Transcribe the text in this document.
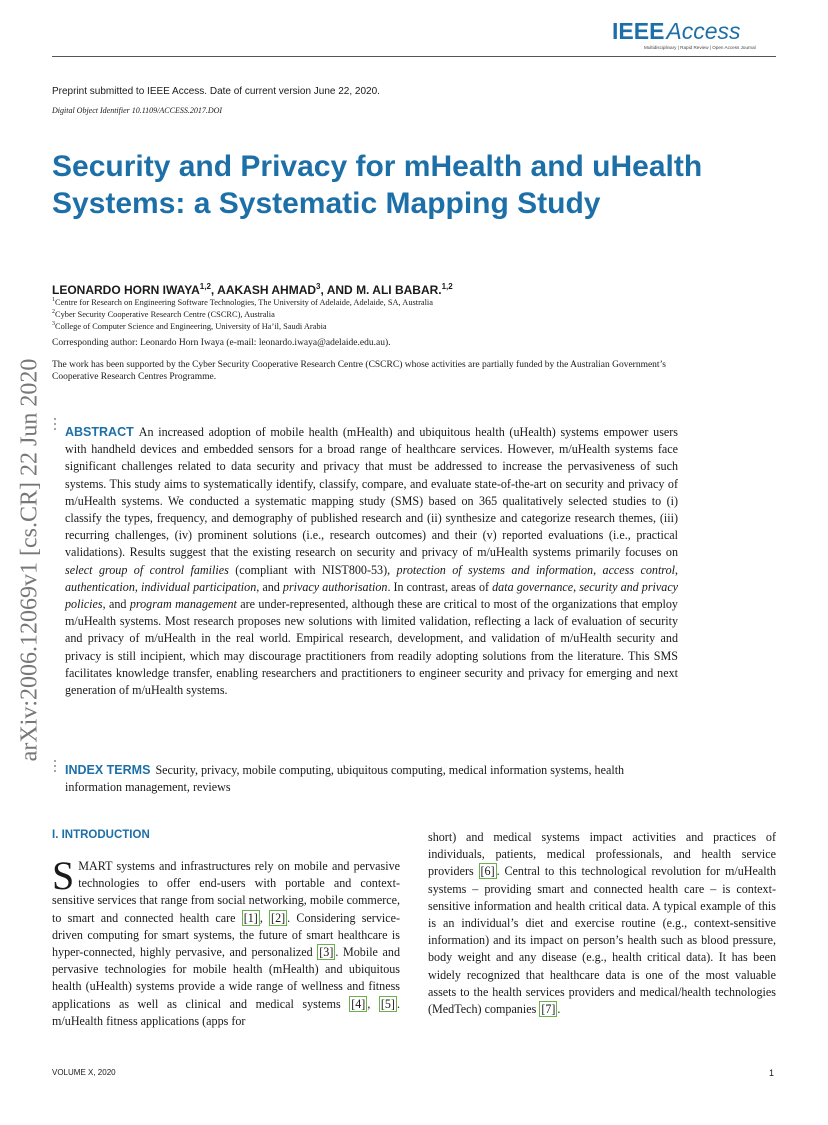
IEEEAccess
Multidisciplinary | Rapid Review | Open Access Journal
Preprint submitted to IEEE Access. Date of current version June 22, 2020.
Digital Object Identifier 10.1109/ACCESS.2017.DOI
arXiv:2006.12069v1 [cs.CR] 22 Jun 2020
Security and Privacy for mHealth and uHealth Systems: a Systematic Mapping Study
LEONARDO HORN IWAYA$^{1,2}$, AAKASH AHMAD$^3$, AND M. ALI BABAR.$^{1,2}$
$^1$Centre for Research on Engineering Software Technologies, The University of Adelaide, Adelaide, SA, Australia
$^2$Cyber Security Cooperative Research Centre (CSCRC), Australia
$^3$College of Computer Science and Engineering, University of Ha’il, Saudi Arabia
Corresponding author: Leonardo Horn Iwaya (e-mail: leonardo.iwaya@adelaide.edu.au).
The work has been supported by the Cyber Security Cooperative Research Centre (CSCRC) whose activities are partially funded by the Australian Government’s Cooperative Research Centres Programme.
ABSTRACT An increased adoption of mobile health (mHealth) and ubiquitous health (uHealth) systems empower users with handheld devices and embedded sensors for a broad range of healthcare services. However, m/uHealth systems face significant challenges related to data security and privacy that must be addressed to increase the pervasiveness of such systems. This study aims to systematically identify, classify, compare, and evaluate state-of-the-art on security and privacy of m/uHealth systems. We conducted a systematic mapping study (SMS) based on 365 qualitatively selected studies to (i) classify the types, frequency, and demography of published research and (ii) synthesize and categorize research themes, (iii) recurring challenges, (iv) prominent solutions (i.e., research outcomes) and their (v) reported evaluations (i.e., practical validations). Results suggest that the existing research on security and privacy of m/uHealth systems primarily focuses on select group of control families (compliant with NIST800-53), protection of systems and information, access control, authentication, individual participation, and privacy authorisation. In contrast, areas of data governance, security and privacy policies, and program management are under-represented, although these are critical to most of the organizations that employ m/uHealth systems. Most research proposes new solutions with limited validation, reflecting a lack of evaluation of security and privacy of m/uHealth in the real world. Empirical research, development, and validation of m/uHealth security and privacy is still incipient, which may discourage practitioners from readily adopting solutions from the literature. This SMS facilitates knowledge transfer, enabling researchers and practitioners to engineer security and privacy for emerging and next generation of m/uHealth systems.
INDEX TERMS Security, privacy, mobile computing, ubiquitous computing, medical information systems, health information management, reviews
I. INTRODUCTION
SMART systems and infrastructures rely on mobile and pervasive technologies to offer end-users with portable and context-sensitive services that range from social networking, mobile commerce, to smart and connected health care [1] , [2] . Considering service-driven computing for smart systems, the future of smart healthcare is hyper-connected, highly pervasive, and personalized [3] . Mobile and pervasive technologies for mobile health (mHealth) and ubiquitous health (uHealth) systems provide a wide range of wellness and fitness applications as well as clinical and medical systems [4] , [5] . m/uHealth fitness applications (apps for
short) and medical systems impact activities and practices of individuals, patients, medical professionals, and health service providers [6] . Central to this technological revolution for m/uHealth systems – providing smart and connected health care – is context-sensitive information and health critical data. A typical example of this is an individual’s diet and exercise routine (e.g., context-sensitive information) and its impact on person’s health such as blood pressure, body weight and any disease (e.g., health critical data). It has been widely recognized that healthcare data is one of the most valuable assets to the health services providers and medical/health technologies (MedTech) companies [7] .
VOLUME X, 2020	1
